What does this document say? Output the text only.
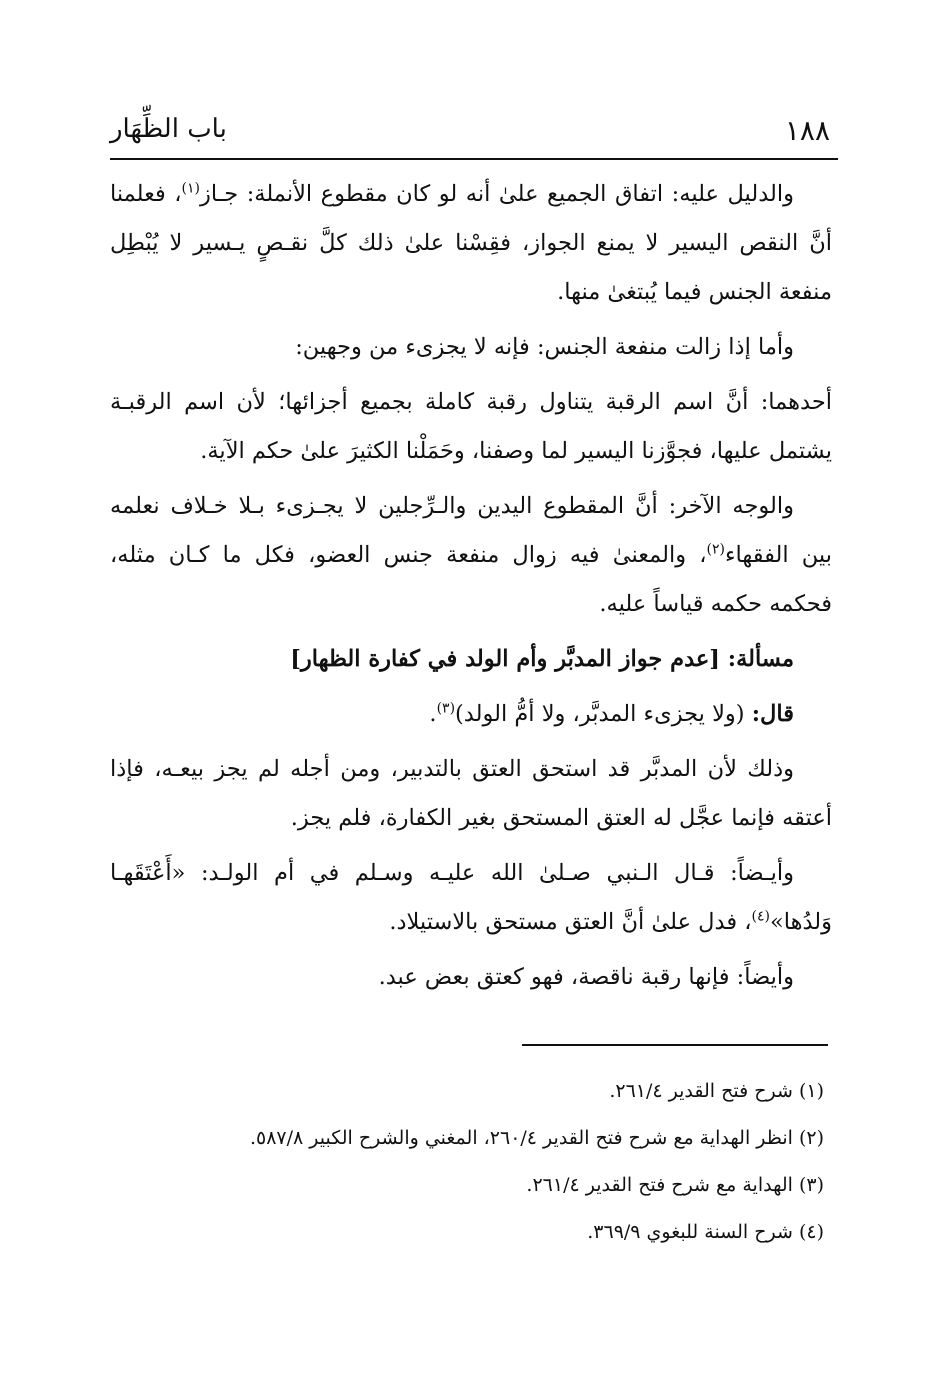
١٨٨
باب الظِّهَار

والدليل عليه: اتفاق الجميع علىٰ أنه لو كان مقطوع الأنملة: جـاز$^{(١)}$، فعلمنا أنَّ النقص اليسير لا يمنع الجواز، فقِسْنا علىٰ ذلك كلَّ نقـصٍ يـسير لا يُبْطِل منفعة الجنس فيما يُبتغىٰ منها.

وأما إذا زالت منفعة الجنس: فإنه لا يجزىء من وجهين:

أحدهما: أنَّ اسم الرقبة يتناول رقبة كاملة بجميع أجزائها؛ لأن اسم الرقبـة يشتمل عليها، فجوَّزنا اليسير لما وصفنا، وحَمَلْنا الكثيرَ علىٰ حكم الآية.

والوجه الآخر: أنَّ المقطوع اليدين والـرِّجلين لا يجـزىء بـلا خـلاف نعلمه بين الفقهاء$^{(٢)}$، والمعنىٰ فيه زوال منفعة جنس العضو، فكل ما كـان مثله، فحكمه حكمه قياساً عليه.

مسألة: [عدم جواز المدبَّر وأم الولد في كفارة الظهار]

قال: (ولا يجزىء المدبَّر، ولا أمُّ الولد)$^{(٣)}$.

وذلك لأن المدبَّر قد استحق العتق بالتدبير، ومن أجله لم يجز بيعـه، فإذا أعتقه فإنما عجَّل له العتق المستحق بغير الكفارة، فلم يجز.

وأيـضاً: قـال الـنبي صـلىٰ الله عليـه وسـلم في أم الولـد: «أَعْتَقَهـا وَلدُها»$^{(٤)}$، فدل علىٰ أنَّ العتق مستحق بالاستيلاد.

وأيضاً: فإنها رقبة ناقصة، فهو كعتق بعض عبد.

(١) شرح فتح القدير ٢٦١/٤.

(٢) انظر الهداية مع شرح فتح القدير ٢٦٠/٤، المغني والشرح الكبير ٥٨٧/٨.

(٣) الهداية مع شرح فتح القدير ٢٦١/٤.

(٤) شرح السنة للبغوي ٣٦٩/٩.
